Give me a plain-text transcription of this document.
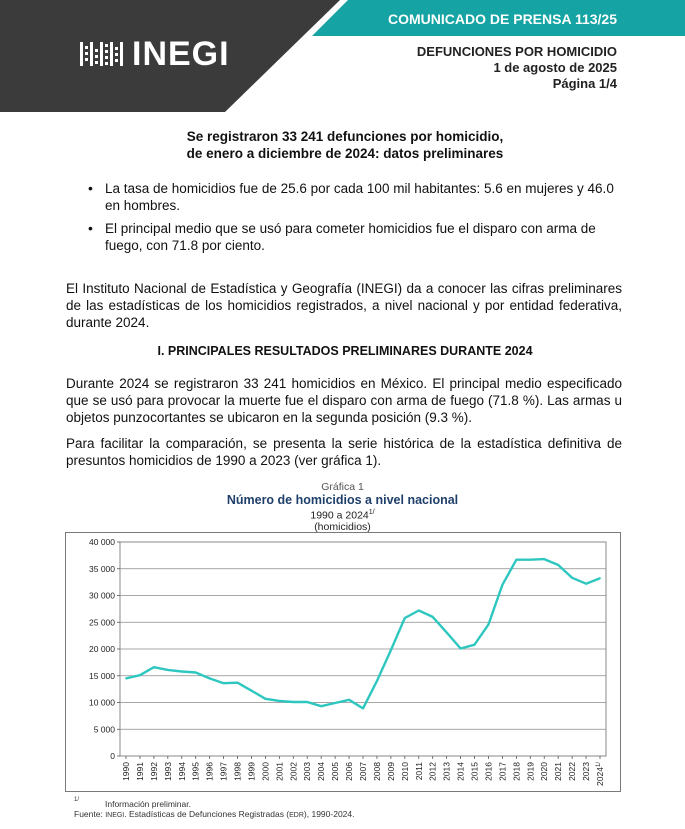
COMUNICADO DE PRENSA 113/25
INEGI	DEFUNCIONES POR HOMICIDIO
1 de agosto de 2025
Página 1/4
Se registraron 33 241 defunciones por homicidio,
de enero a diciembre de 2024: datos preliminares
• La tasa de homicidios fue de 25.6 por cada 100 mil habitantes: 5.6 en mujeres y 46.0 en hombres.
• El principal medio que se usó para cometer homicidios fue el disparo con arma de fuego, con 71.8 por ciento.
El Instituto Nacional de Estadística y Geografía (INEGI) da a conocer las cifras preliminares de las estadísticas de los homicidios registrados, a nivel nacional y por entidad federativa, durante 2024.
I. PRINCIPALES RESULTADOS PRELIMINARES DURANTE 2024
Durante 2024 se registraron 33 241 homicidios en México. El principal medio especificado que se usó para provocar la muerte fue el disparo con arma de fuego (71.8 %). Las armas u objetos punzocortantes se ubicaron en la segunda posición (9.3 %).
Para facilitar la comparación, se presenta la serie histórica de la estadística definitiva de presuntos homicidios de 1990 a 2023 (ver gráfica 1).
Gráfica 1
Número de homicidios a nivel nacional
1990 a $2024^{1/}$
(homicidios)
0
5 000
10 000
15 000
20 000
25 000
30 000
35 000
40 000
1990 1991 1992 1993 1994 1995 1996 1997 1998 1999 2000 2001 2002 2003 2004 2005 2006 2007 2008 2009 2010 2011 2012 2013 2014 2015 2016 2017 2018 2019 2020 2021 2022 2023 $2024^{1/}$
$^{1/}$	Información preliminar.
Fuente: INEGI. Estadísticas de Defunciones Registradas (EDR), 1990-2024.
